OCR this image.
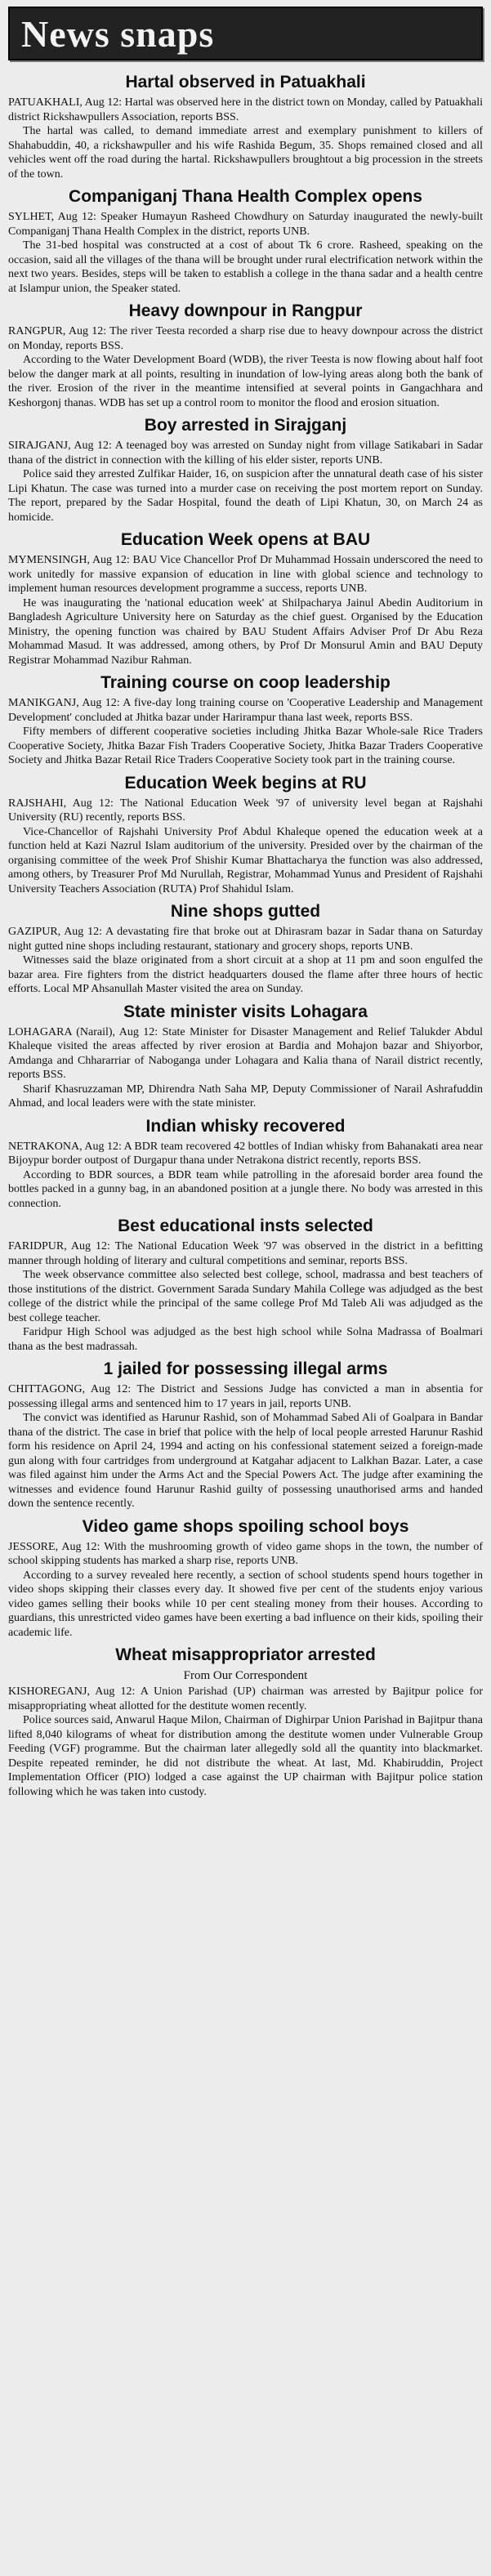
News snaps
Hartal observed in Patuakhali

PATUAKHALI, Aug 12: Hartal was observed here in the district town on Monday, called by Patuakhali district Rickshawpullers Association, reports BSS.

The hartal was called, to demand immediate arrest and exemplary punishment to killers of Shahabuddin, 40, a rickshawpuller and his wife Rashida Begum, 35. Shops remained closed and all vehicles went off the road during the hartal. Rickshawpullers broughtout a big procession in the streets of the town.

Companiganj Thana Health Complex opens

SYLHET, Aug 12: Speaker Humayun Rasheed Chowdhury on Saturday inaugurated the newly-built Companiganj Thana Health Complex in the district, reports UNB.

The 31-bed hospital was constructed at a cost of about Tk 6 crore. Rasheed, speaking on the occasion, said all the villages of the thana will be brought under rural electrification network within the next two years. Besides, steps will be taken to establish a college in the thana sadar and a health centre at Islampur union, the Speaker stated.

Heavy downpour in Rangpur

RANGPUR, Aug 12: The river Teesta recorded a sharp rise due to heavy downpour across the district on Monday, reports BSS.

According to the Water Development Board (WDB), the river Teesta is now flowing about half foot below the danger mark at all points, resulting in inundation of low-lying areas along both the bank of the river. Erosion of the river in the meantime intensified at several points in Gangachhara and Keshorgonj thanas. WDB has set up a control room to monitor the flood and erosion situation.

Boy arrested in Sirajganj

SIRAJGANJ, Aug 12: A teenaged boy was arrested on Sunday night from village Satikabari in Sadar thana of the district in connection with the killing of his elder sister, reports UNB.

Police said they arrested Zulfikar Haider, 16, on suspicion after the unnatural death case of his sister Lipi Khatun. The case was turned into a murder case on receiving the post mortem report on Sunday. The report, prepared by the Sadar Hospital, found the death of Lipi Khatun, 30, on March 24 as homicide.

Education Week opens at BAU

MYMENSINGH, Aug 12: BAU Vice Chancellor Prof Dr Muhammad Hossain underscored the need to work unitedly for massive expansion of education in line with global science and technology to implement human resources development programme a success, reports UNB.

He was inaugurating the 'national education week' at Shilpacharya Jainul Abedin Auditorium in Bangladesh Agriculture University here on Saturday as the chief guest. Organised by the Education Ministry, the opening function was chaired by BAU Student Affairs Adviser Prof Dr Abu Reza Mohammad Masud. It was addressed, among others, by Prof Dr Monsurul Amin and BAU Deputy Registrar Mohammad Nazibur Rahman.

Training course on coop leadership

MANIKGANJ, Aug 12: A five-day long training course on 'Cooperative Leadership and Management Development' concluded at Jhitka bazar under Harirampur thana last week, reports BSS.

Fifty members of different cooperative societies including Jhitka Bazar Whole-sale Rice Traders Cooperative Society, Jhitka Bazar Fish Traders Cooperative Society, Jhitka Bazar Traders Cooperative Society and Jhitka Bazar Retail Rice Traders Cooperative Society took part in the training course.

Education Week begins at RU

RAJSHAHI, Aug 12: The National Education Week '97 of university level began at Rajshahi University (RU) recently, reports BSS.

Vice-Chancellor of Rajshahi University Prof Abdul Khaleque opened the education week at a function held at Kazi Nazrul Islam auditorium of the university. Presided over by the chairman of the organising committee of the week Prof Shishir Kumar Bhattacharya the function was also addressed, among others, by Treasurer Prof Md Nurullah, Registrar, Mohammad Yunus and President of Rajshahi University Teachers Association (RUTA) Prof Shahidul Islam.

Nine shops gutted

GAZIPUR, Aug 12: A devastating fire that broke out at Dhirasram bazar in Sadar thana on Saturday night gutted nine shops including restaurant, stationary and grocery shops, reports UNB.

Witnesses said the blaze originated from a short circuit at a shop at 11 pm and soon engulfed the bazar area. Fire fighters from the district headquarters doused the flame after three hours of hectic efforts. Local MP Ahsanullah Master visited the area on Sunday.

State minister visits Lohagara

LOHAGARA (Narail), Aug 12: State Minister for Disaster Management and Relief Talukder Abdul Khaleque visited the areas affected by river erosion at Bardia and Mohajon bazar and Shiyorbor, Amdanga and Chhararriar of Naboganga under Lohagara and Kalia thana of Narail district recently, reports BSS.

Sharif Khasruzzaman MP, Dhirendra Nath Saha MP, Deputy Commissioner of Narail Ashrafuddin Ahmad, and local leaders were with the state minister.

Indian whisky recovered

NETRAKONA, Aug 12: A BDR team recovered 42 bottles of Indian whisky from Bahanakati area near Bijoypur border outpost of Durgapur thana under Netrakona district recently, reports BSS.

According to BDR sources, a BDR team while patrolling in the aforesaid border area found the bottles packed in a gunny bag, in an abandoned position at a jungle there. No body was arrested in this connection.

Best educational insts selected

FARIDPUR, Aug 12: The National Education Week '97 was observed in the district in a befitting manner through holding of literary and cultural competitions and seminar, reports BSS.

The week observance committee also selected best college, school, madrassa and best teachers of those institutions of the district. Government Sarada Sundary Mahila College was adjudged as the best college of the district while the principal of the same college Prof Md Taleb Ali was adjudged as the best college teacher.

Faridpur High School was adjudged as the best high school while Solna Madrassa of Boalmari thana as the best madrassah.

1 jailed for possessing illegal arms

CHITTAGONG, Aug 12: The District and Sessions Judge has convicted a man in absentia for possessing illegal arms and sentenced him to 17 years in jail, reports UNB.

The convict was identified as Harunur Rashid, son of Mohammad Sabed Ali of Goalpara in Bandar thana of the district. The case in brief that police with the help of local people arrested Harunur Rashid form his residence on April 24, 1994 and acting on his confessional statement seized a foreign-made gun along with four cartridges from underground at Katgahar adjacent to Lalkhan Bazar. Later, a case was filed against him under the Arms Act and the Special Powers Act. The judge after examining the witnesses and evidence found Harunur Rashid guilty of possessing unauthorised arms and handed down the sentence recently.

Video game shops spoiling school boys

JESSORE, Aug 12: With the mushrooming growth of video game shops in the town, the number of school skipping students has marked a sharp rise, reports UNB.

According to a survey revealed here recently, a section of school students spend hours together in video shops skipping their classes every day. It showed five per cent of the students enjoy various video games selling their books while 10 per cent stealing money from their houses. According to guardians, this unrestricted video games have been exerting a bad influence on their kids, spoiling their academic life.

Wheat misappropriator arrested
From Our Correspondent

KISHOREGANJ, Aug 12: A Union Parishad (UP) chairman was arrested by Bajitpur police for misappropriating wheat allotted for the destitute women recently.

Police sources said, Anwarul Haque Milon, Chairman of Dighirpar Union Parishad in Bajitpur thana lifted 8,040 kilograms of wheat for distribution among the destitute women under Vulnerable Group Feeding (VGF) programme. But the chairman later allegedly sold all the quantity into blackmarket. Despite repeated reminder, he did not distribute the wheat. At last, Md. Khabiruddin, Project Implementation Officer (PIO) lodged a case against the UP chairman with Bajitpur police station following which he was taken into custody.
